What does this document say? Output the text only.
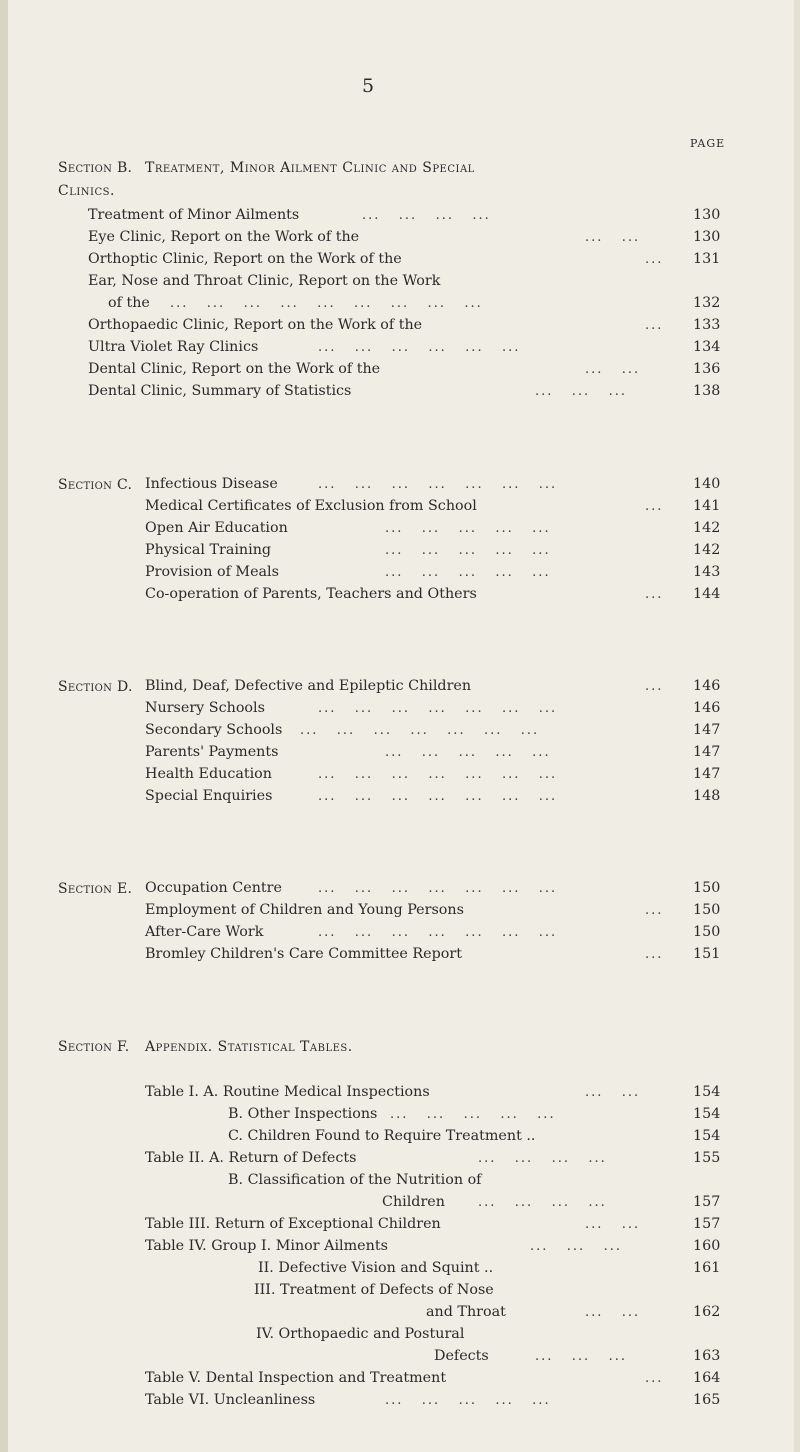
5
PAGE
Section B. Treatment, Minor Ailment Clinic and Special
Clinics.
Treatment of Minor Ailments	...   ...   ...   ...	130
Eye Clinic, Report on the Work of the	...   ...	130
Orthoptic Clinic, Report on the Work of the	... 131
Ear, Nose and Throat Clinic, Report on the Work
of the ...   ...   ...   ...   ...   ...   ...   ...   ...	132
Orthopaedic Clinic, Report on the Work of the	... 133
Ultra Violet Ray Clinics	...   ...   ...   ...   ...   ...	134
Dental Clinic, Report on the Work of the	...   ...	136
Dental Clinic, Summary of Statistics	...   ...   ...	138
Section C. Infectious Disease	...   ...   ...   ...   ...   ...   ...	140
Medical Certificates of Exclusion from School	... 141
Open Air Education	...   ...   ...   ...   ...	142
Physical Training	...   ...   ...   ...   ...	142
Provision of Meals	...   ...   ...   ...   ...	143
Co-operation of Parents, Teachers and Others	... 144
Section D. Blind, Deaf, Defective and Epileptic Children	... 146
Nursery Schools	...   ...   ...   ...   ...   ...   ...	146
Secondary Schools ...   ...   ...   ...   ...   ...   ...	147
Parents' Payments	...   ...   ...   ...   ...	147
Health Education	...   ...   ...   ...   ...   ...   ...	147
Special Enquiries	...   ...   ...   ...   ...   ...   ...	148
Section E. Occupation Centre	...   ...   ...   ...   ...   ...   ...	150
Employment of Children and Young Persons	... 150
After-Care Work	...   ...   ...   ...   ...   ...   ...	150
Bromley Children's Care Committee Report	... 151
Section F. Appendix. Statistical Tables.
Table I. A. Routine Medical Inspections	...   ...	154
B. Other Inspections ...   ...   ...   ...   ...	154
C. Children Found to Require Treatment ..	154
Table II. A. Return of Defects	...   ...   ...   ...	155
B. Classification of the Nutrition of
Children	...   ...   ...   ...	157
Table III. Return of Exceptional Children	...   ...	157
Table IV. Group I. Minor Ailments	...   ...   ...	160
II. Defective Vision and Squint ..	161
III. Treatment of Defects of Nose
and Throat	...   ...	162
IV. Orthopaedic and Postural
Defects	...   ...   ...	163
Table V. Dental Inspection and Treatment	... 164
Table VI. Uncleanliness	...   ...   ...   ...   ...	165
